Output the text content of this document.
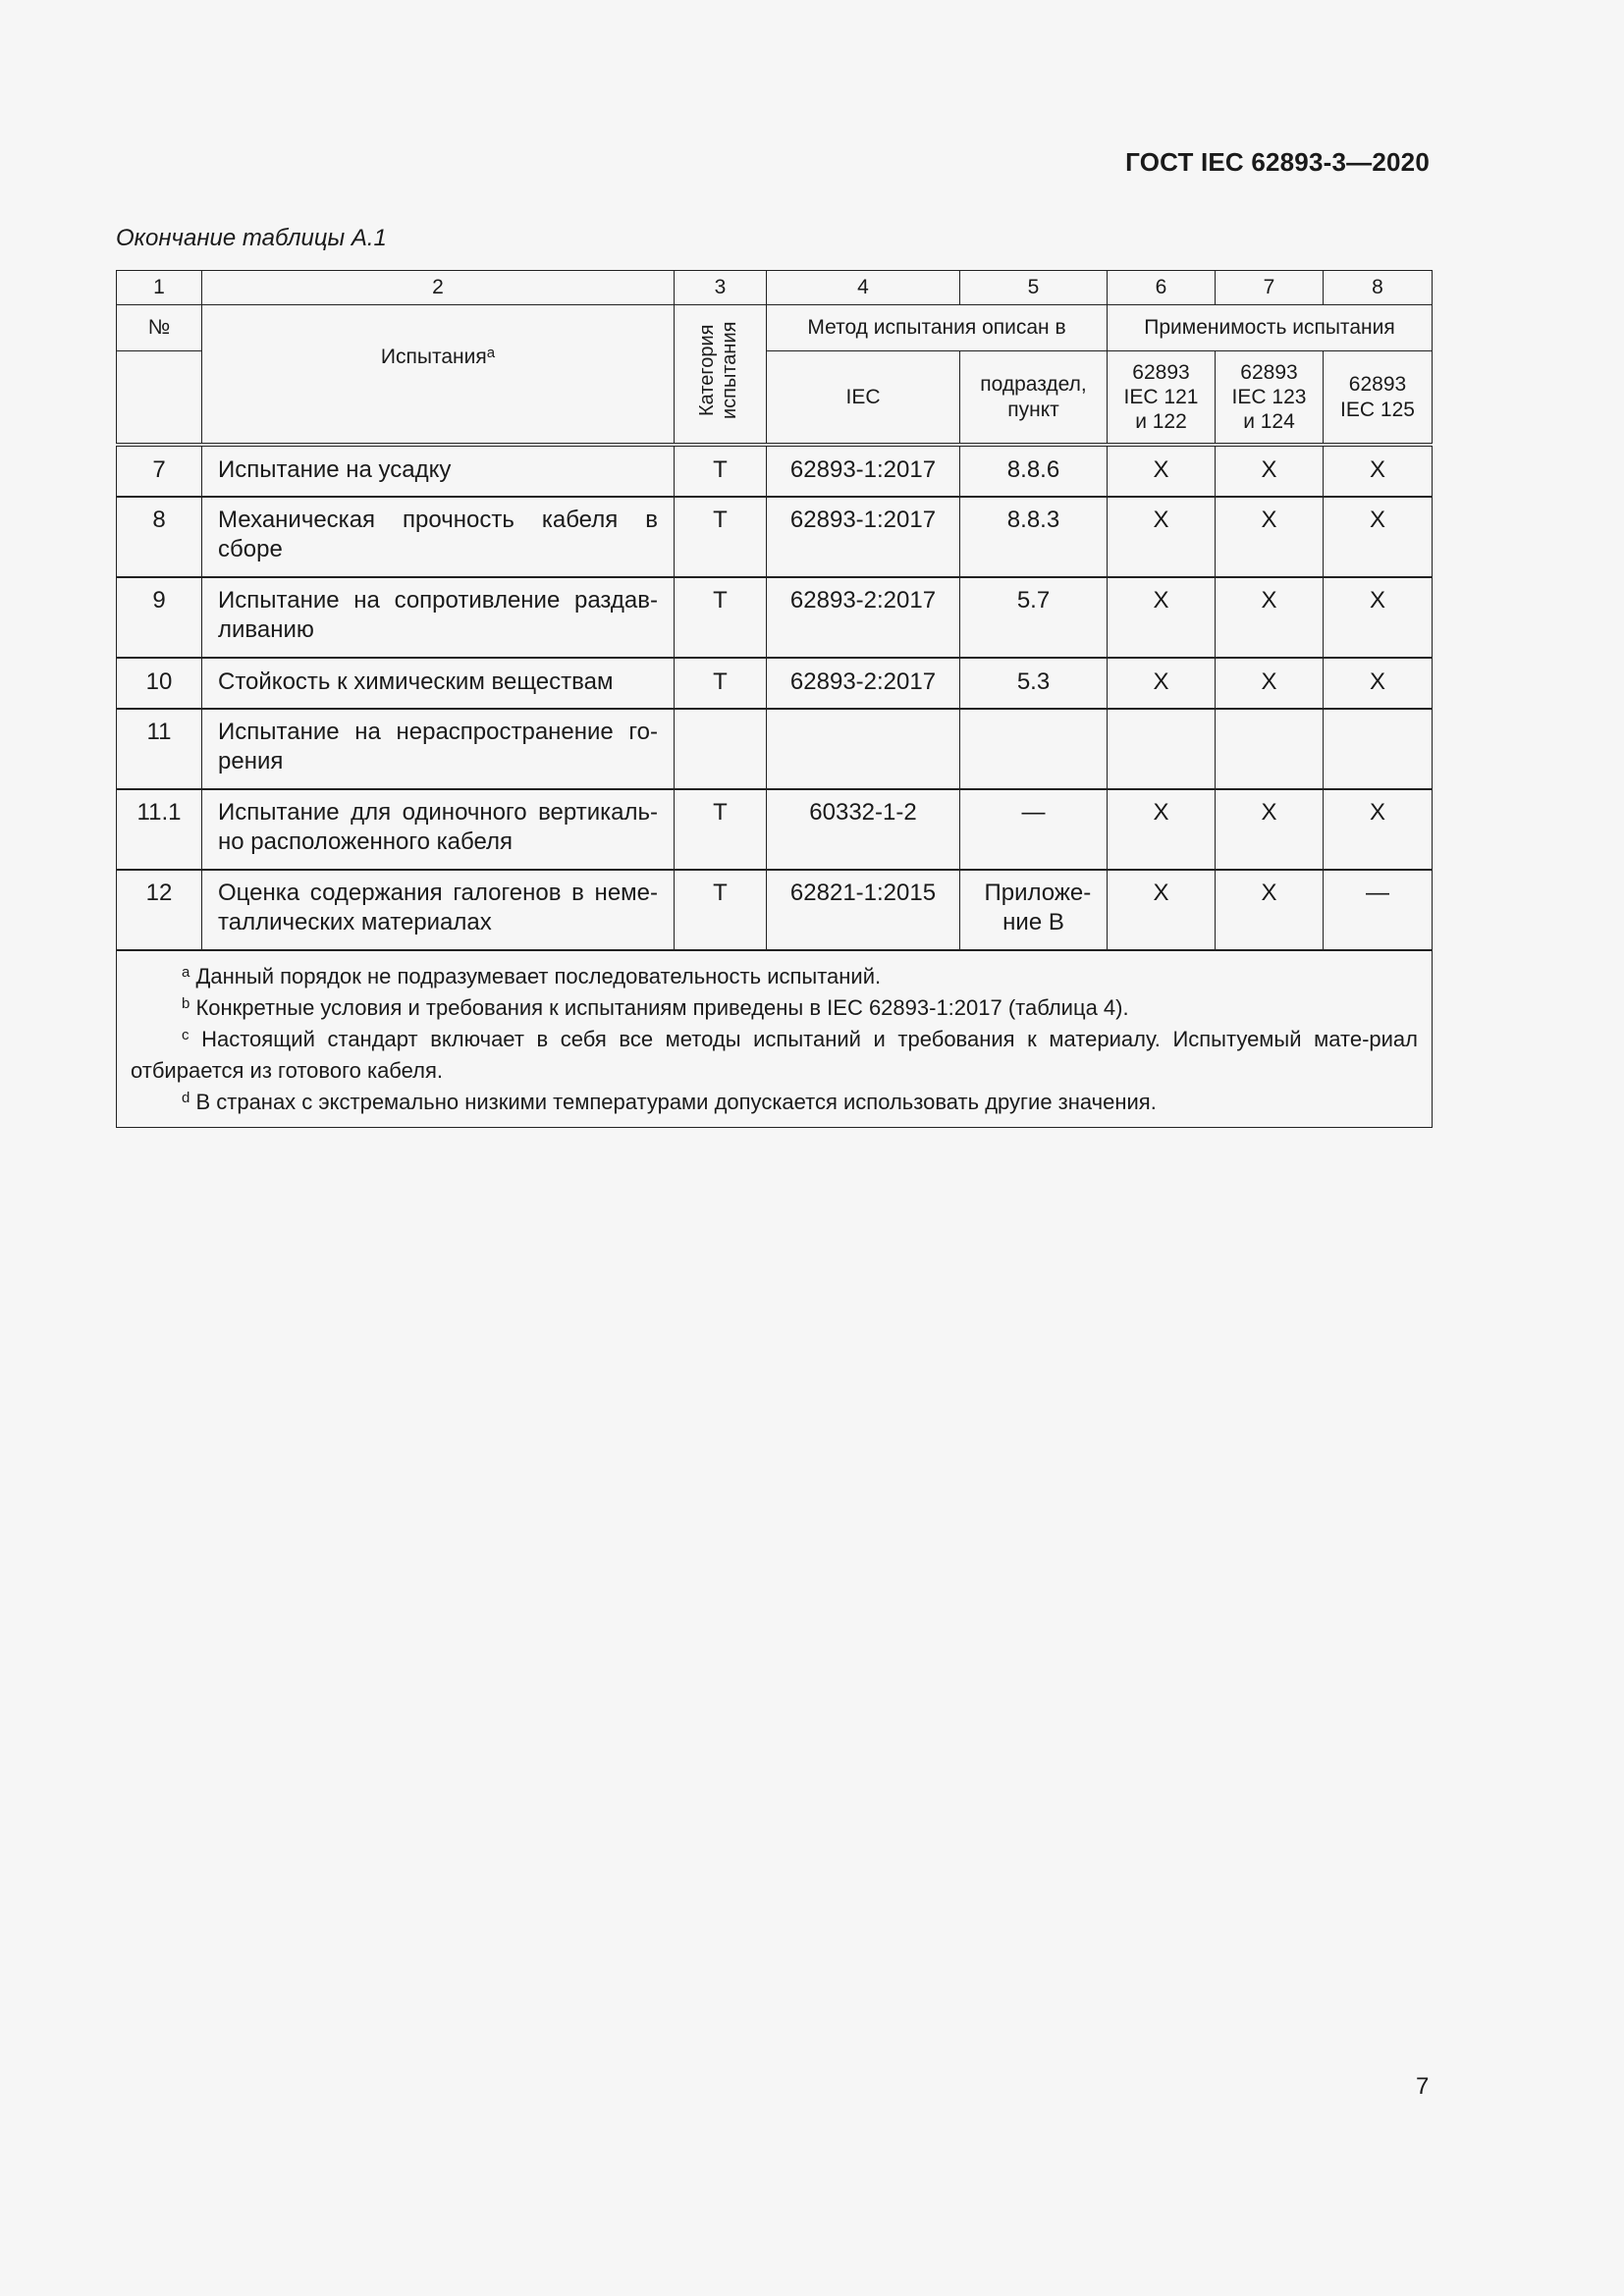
ГОСТ IEC 62893-3—2020
Окончание таблицы А.1
1	2	3	4	5	6	7	8
№	Испытания$^a$	Категория испытания	Метод испытания описан в		Применимость испытания		
			IEC	подраздел, пункт	62893 IEC 121 и 122	62893 IEC 123 и 124	62893 IEC 125
7	Испытание на усадку	Т	62893-1:2017	8.8.6	X	X	X
8	Механическая прочность кабеля в сборе	Т	62893-1:2017	8.8.3	X	X	X
9	Испытание на сопротивление раздав-ливанию	Т	62893-2:2017	5.7	X	X	X
10	Стойкость к химическим веществам	Т	62893-2:2017	5.3	X	X	X
11	Испытание на нераспространение го-рения						
11.1	Испытание для одиночного вертикаль-но расположенного кабеля	Т	60332-1-2	—	X	X	X
12	Оценка содержания галогенов в неме-таллических материалах	Т	62821-1:2015	Приложе-ние В	X	X	—

$^a$ Данный порядок не подразумевает последовательность испытаний.
$^b$ Конкретные условия и требования к испытаниям приведены в IEC 62893-1:2017 (таблица 4).
$^c$ Настоящий стандарт включает в себя все методы испытаний и требования к материалу. Испытуемый мате-риал отбирается из готового кабеля.
$^d$ В странах с экстремально низкими температурами допускается использовать другие значения.							
7
